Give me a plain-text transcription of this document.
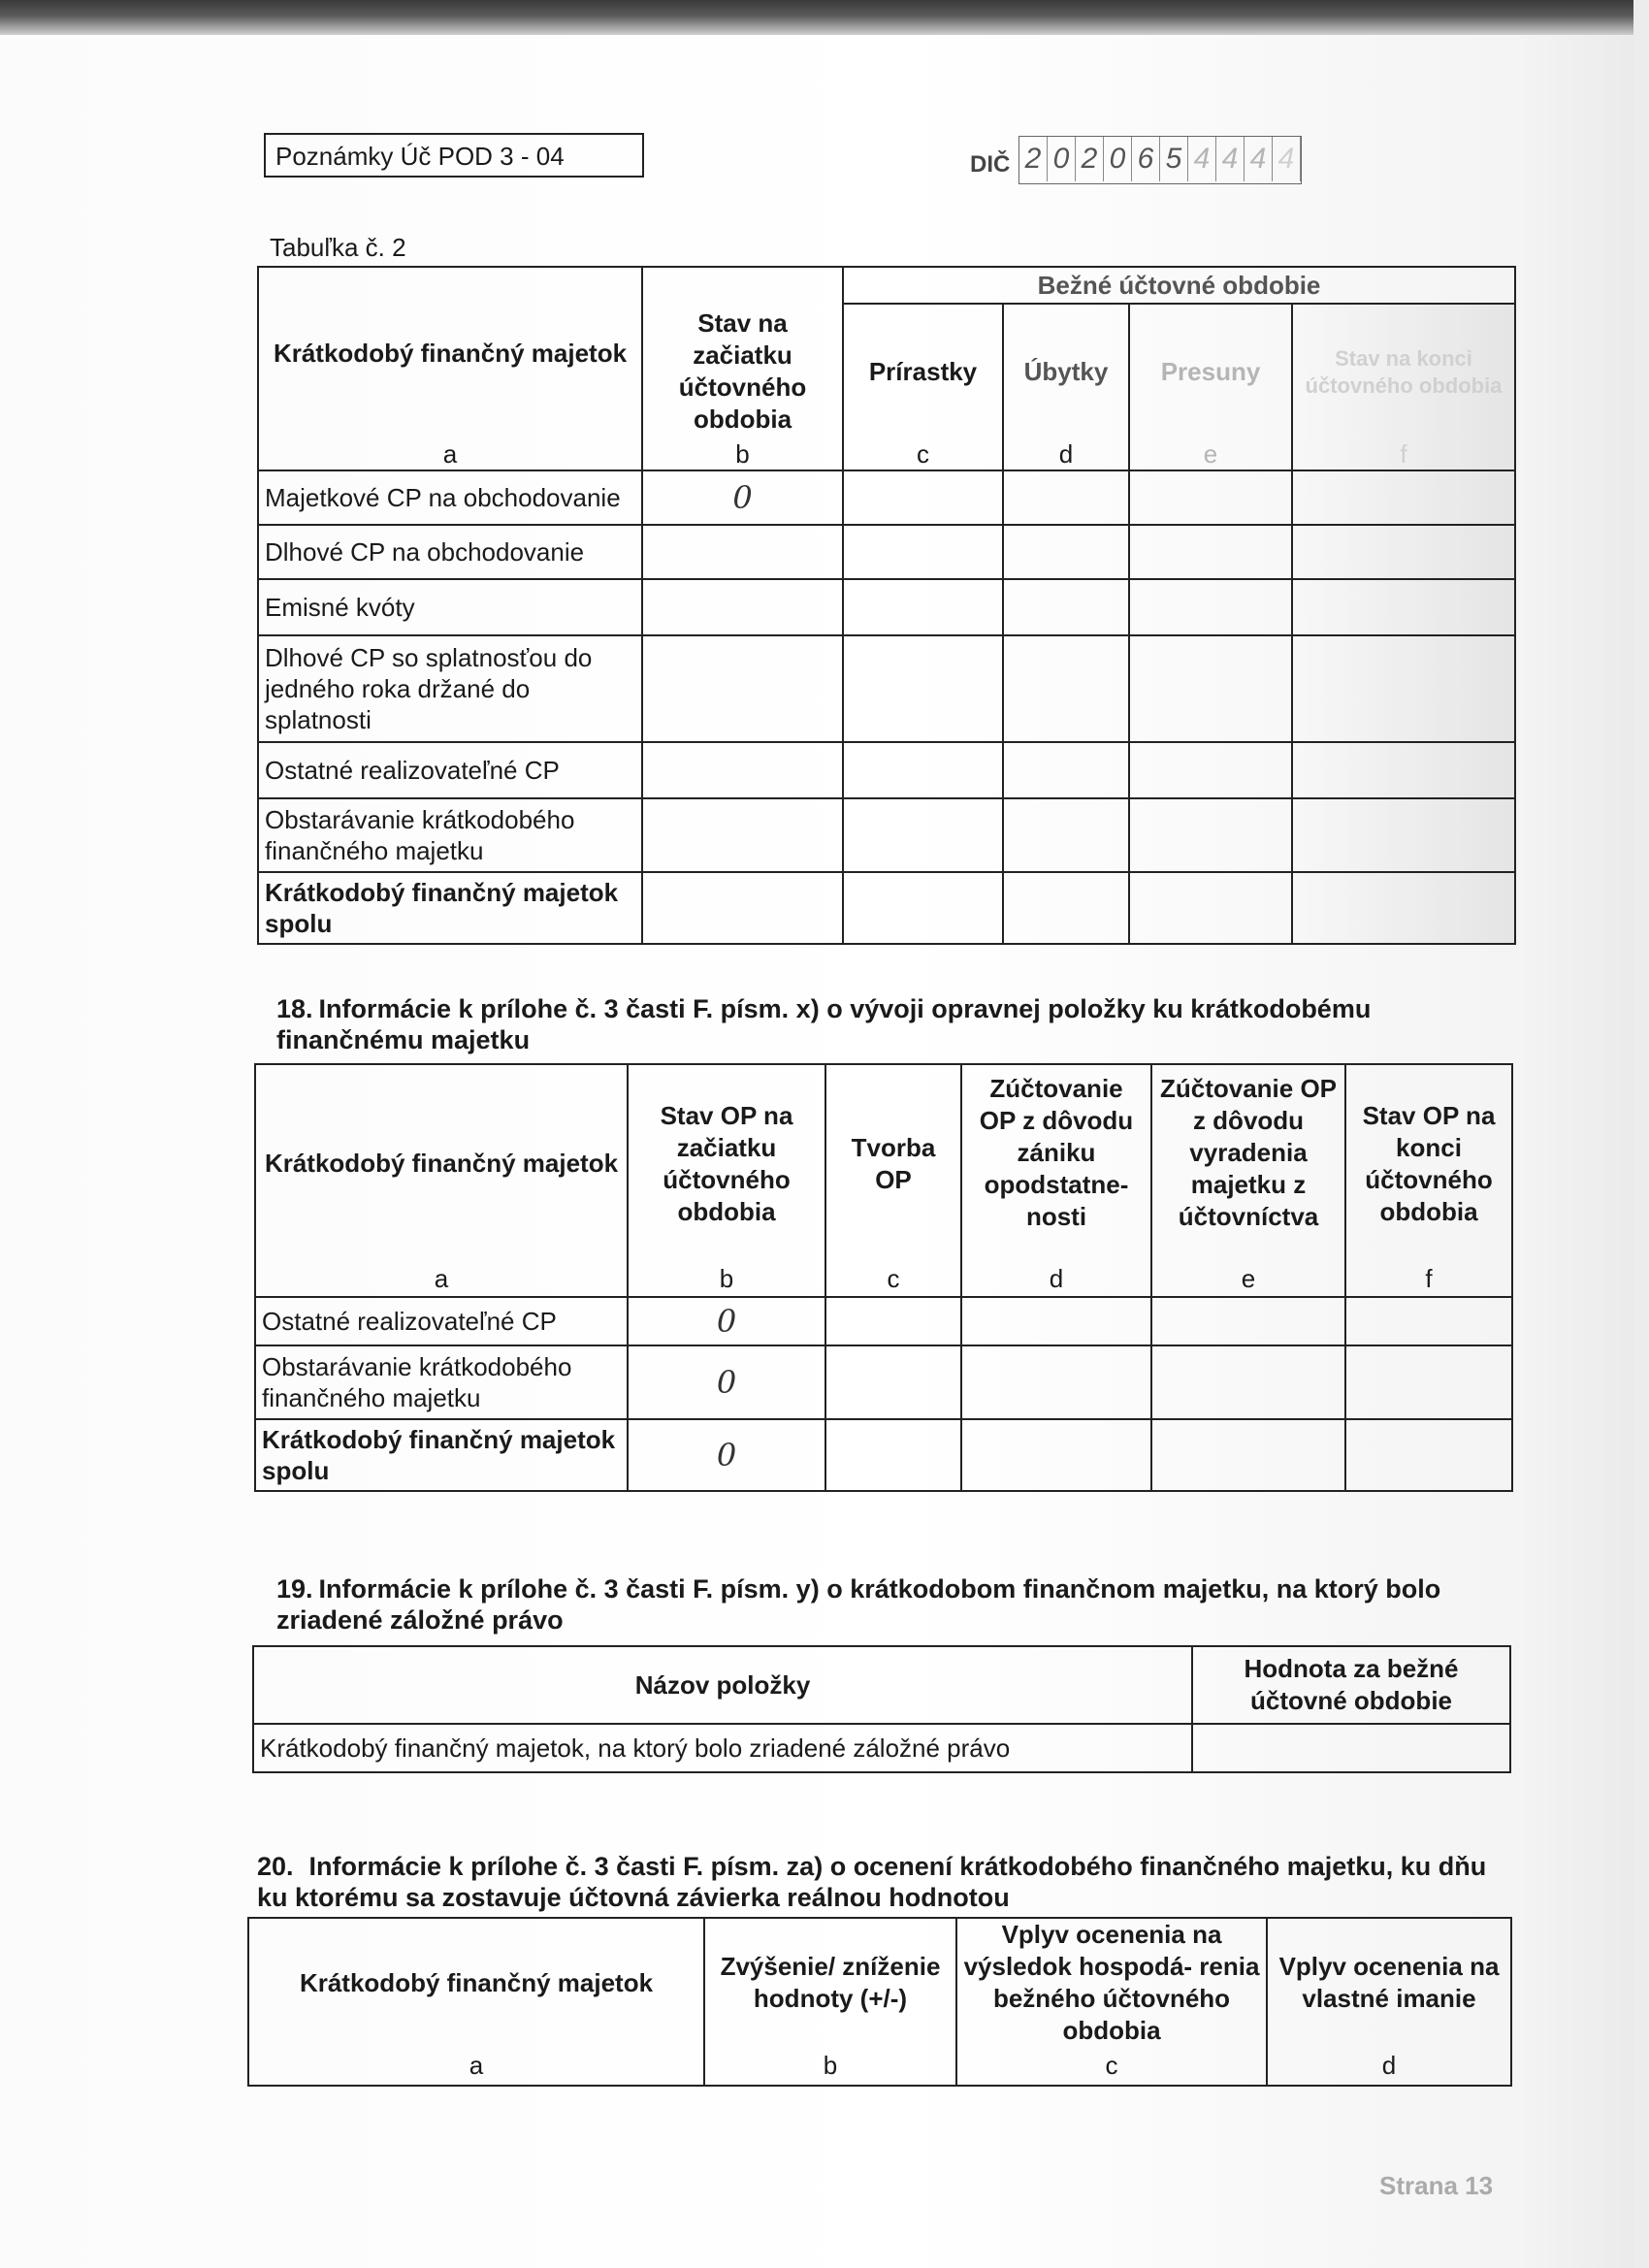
Poznámky Úč POD 3 - 04	DIČ 2 0 2 0 6 5 4 4 4 4
Tabuľka č. 2
Krátkodobý finančný majetok		Bežné účtovné obdobie			
	Stav na začiatku účtovného obdobia	Prírastky	Úbytky	Presuny	Stav na konci účtovného obdobia
a	b	c	d	e	f
Majetkové CP na obchodovanie	0				
Dlhové CP na obchodovanie					
Emisné kvóty					
Dlhové CP so splatnosťou do jedného roka držané do splatnosti					
Ostatné realizovateľné CP					
Obstarávanie krátkodobého finančného majetku					
Krátkodobý finančný majetok spolu					
18. Informácie k prílohe č. 3 časti F. písm. x) o vývoji opravnej položky ku krátkodobému finančnému majetku
Krátkodobý finančný majetok	Stav OP na začiatku účtovného obdobia	Tvorba OP	Zúčtovanie OP z dôvodu zániku opodstatne- nosti	Zúčtovanie OP z dôvodu vyradenia majetku z účtovníctva	Stav OP na konci účtovného obdobia
a	b	c	d	e	f
Ostatné realizovateľné CP	0				
Obstarávanie krátkodobého finančného majetku	0				
Krátkodobý finančný majetok spolu	0				
19. Informácie k prílohe č. 3 časti F. písm. y) o krátkodobom finančnom majetku, na ktorý bolo zriadené záložné právo
Názov položky	Hodnota za bežné účtovné obdobie
Krátkodobý finančný majetok, na ktorý bolo zriadené záložné právo	
20. Informácie k prílohe č. 3 časti F. písm. za) o ocenení krátkodobého finančného majetku, ku dňu ku ktorému sa zostavuje účtovná závierka reálnou hodnotou
Krátkodobý finančný majetok	Zvýšenie/ zníženie hodnoty (+/-)	Vplyv ocenenia na výsledok hospodá- renia bežného účtovného obdobia	Vplyv ocenenia na vlastné imanie
a	b	c	d
Strana 13
